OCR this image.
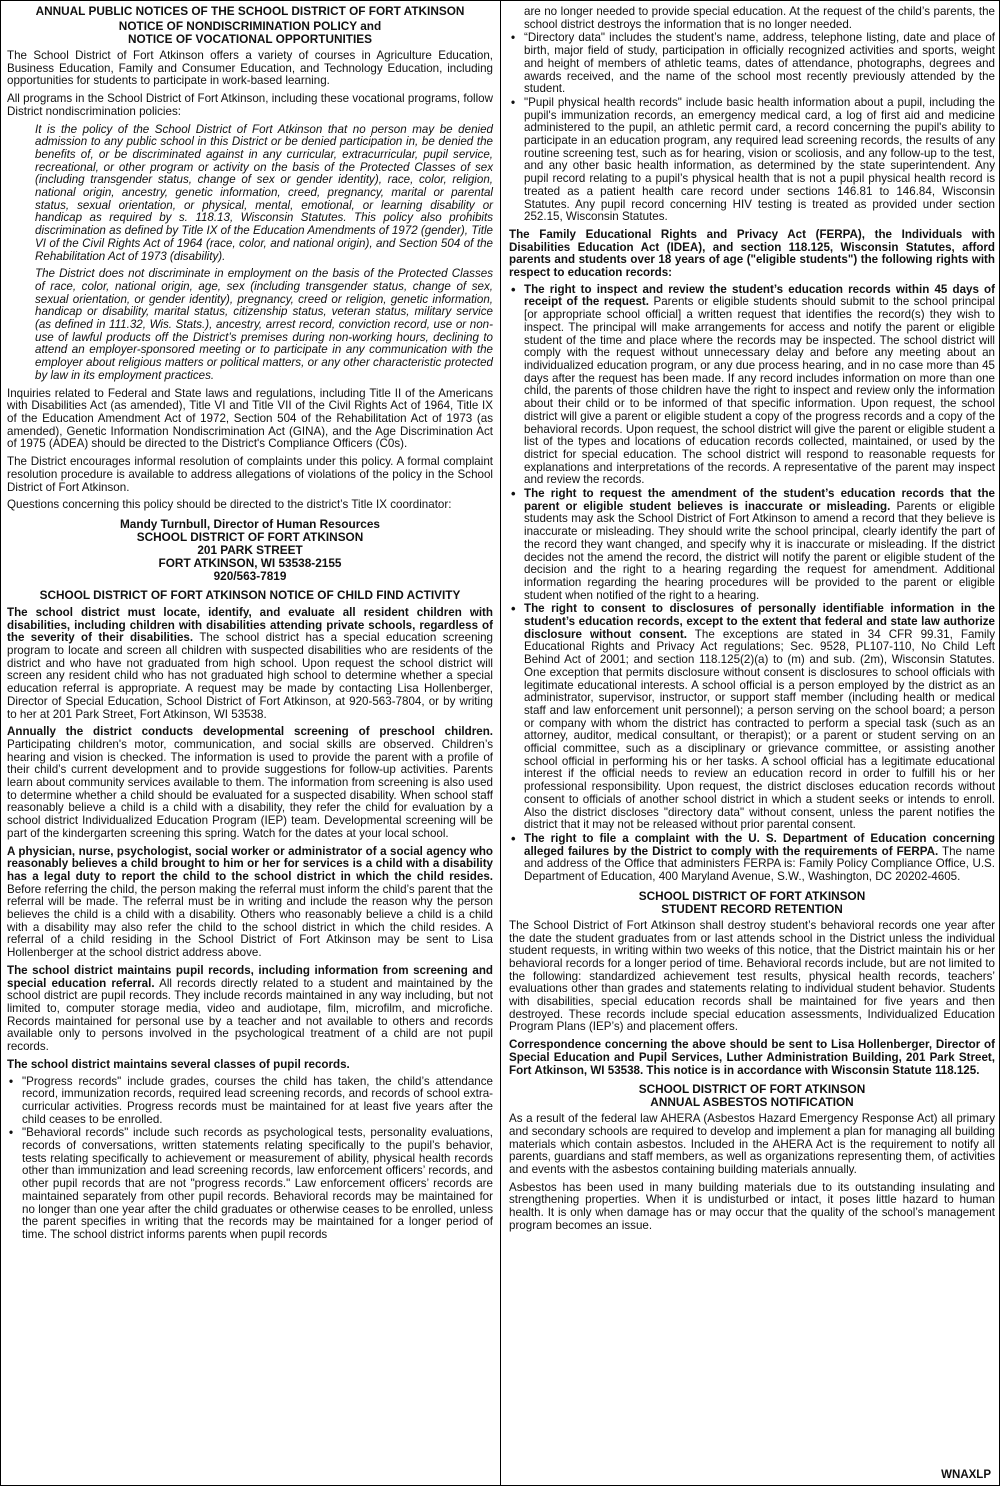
ANNUAL PUBLIC NOTICES OF THE SCHOOL DISTRICT OF FORT ATKINSON
NOTICE OF NONDISCRIMINATION POLICY and
NOTICE OF VOCATIONAL OPPORTUNITIES

The School District of Fort Atkinson offers a variety of courses in Agriculture Education, Business Education, Family and Consumer Education, and Technology Education, including opportunities for students to participate in work-based learning.

All programs in the School District of Fort Atkinson, including these vocational programs, follow District nondiscrimination policies:

It is the policy of the School District of Fort Atkinson that no person may be denied admission to any public school in this District or be denied participation in, be denied the benefits of, or be discriminated against in any curricular, extracurricular, pupil service, recreational, or other program or activity on the basis of the Protected Classes of sex (including transgender status, change of sex or gender identity), race, color, religion, national origin, ancestry, genetic information, creed, pregnancy, marital or parental status, sexual orientation, or physical, mental, emotional, or learning disability or handicap as required by s. 118.13, Wisconsin Statutes. This policy also prohibits discrimination as defined by Title IX of the Education Amendments of 1972 (gender), Title VI of the Civil Rights Act of 1964 (race, color, and national origin), and Section 504 of the Rehabilitation Act of 1973 (disability).

The District does not discriminate in employment on the basis of the Protected Classes of race, color, national origin, age, sex (including transgender status, change of sex, sexual orientation, or gender identity), pregnancy, creed or religion, genetic information, handicap or disability, marital status, citizenship status, veteran status, military service (as defined in 111.32, Wis. Stats.), ancestry, arrest record, conviction record, use or non-use of lawful products off the District’s premises during non-working hours, declining to attend an employer-sponsored meeting or to participate in any communication with the employer about religious matters or political matters, or any other characteristic protected by law in its employment practices.

Inquiries related to Federal and State laws and regulations, including Title II of the Americans with Disabilities Act (as amended), Title VI and Title VII of the Civil Rights Act of 1964, Title IX of the Education Amendment Act of 1972, Section 504 of the Rehabilitation Act of 1973 (as amended), Genetic Information Nondiscrimination Act (GINA), and the Age Discrimination Act of 1975 (ADEA) should be directed to the District's Compliance Officers (C0s).

The District encourages informal resolution of complaints under this policy. A formal complaint resolution procedure is available to address allegations of violations of the policy in the School District of Fort Atkinson.

Questions concerning this policy should be directed to the district’s Title IX coordinator:

Mandy Turnbull, Director of Human Resources
SCHOOL DISTRICT OF FORT ATKINSON
201 PARK STREET
FORT ATKINSON, WI 53538-2155
920/563-7819
SCHOOL DISTRICT OF FORT ATKINSON NOTICE OF CHILD FIND ACTIVITY

The school district must locate, identify, and evaluate all resident children with disabilities, including children with disabilities attending private schools, regardless of the severity of their disabilities. The school district has a special education screening program to locate and screen all children with suspected disabilities who are residents of the district and who have not graduated from high school. Upon request the school district will screen any resident child who has not graduated high school to determine whether a special education referral is appropriate. A request may be made by contacting Lisa Hollenberger, Director of Special Education, School District of Fort Atkinson, at 920-563-7804, or by writing to her at 201 Park Street, Fort Atkinson, WI 53538.

Annually the district conducts developmental screening of preschool children. Participating children's motor, communication, and social skills are observed. Children’s hearing and vision is checked. The information is used to provide the parent with a profile of their child’s current development and to provide suggestions for follow-up activities. Parents learn about community services available to them. The information from screening is also used to determine whether a child should be evaluated for a suspected disability. When school staff reasonably believe a child is a child with a disability, they refer the child for evaluation by a school district Individualized Education Program (IEP) team. Developmental screening will be part of the kindergarten screening this spring. Watch for the dates at your local school.

A physician, nurse, psychologist, social worker or administrator of a social agency who reasonably believes a child brought to him or her for services is a child with a disability has a legal duty to report the child to the school district in which the child resides. Before referring the child, the person making the referral must inform the child’s parent that the referral will be made. The referral must be in writing and include the reason why the person believes the child is a child with a disability. Others who reasonably believe a child is a child with a disability may also refer the child to the school district in which the child resides. A referral of a child residing in the School District of Fort Atkinson may be sent to Lisa Hollenberger at the school district address above.

The school district maintains pupil records, including information from screening and special education referral. All records directly related to a student and maintained by the school district are pupil records. They include records maintained in any way including, but not limited to, computer storage media, video and audiotape, film, microfilm, and microfiche. Records maintained for personal use by a teacher and not available to others and records available only to persons involved in the psychological treatment of a child are not pupil records.

The school district maintains several classes of pupil records.

• "Progress records" include grades, courses the child has taken, the child’s attendance record, immunization records, required lead screening records, and records of school extra-curricular activities. Progress records must be maintained for at least five years after the child ceases to be enrolled.
• "Behavioral records" include such records as psychological tests, personality evaluations, records of conversations, written statements relating specifically to the pupil’s behavior, tests relating specifically to achievement or measurement of ability, physical health records other than immunization and lead screening records, law enforcement officers’ records, and other pupil records that are not "progress records." Law enforcement officers’ records are maintained separately from other pupil records. Behavioral records may be maintained for no longer than one year after the child graduates or otherwise ceases to be enrolled, unless the parent specifies in writing that the records may be maintained for a longer period of time. The school district informs parents when pupil records
are no longer needed to provide special education. At the request of the child’s parents, the school district destroys the information that is no longer needed.
• “Directory data" includes the student’s name, address, telephone listing, date and place of birth, major field of study, participation in officially recognized activities and sports, weight and height of members of athletic teams, dates of attendance, photographs, degrees and awards received, and the name of the school most recently previously attended by the student.
• "Pupil physical health records" include basic health information about a pupil, including the pupil's immunization records, an emergency medical card, a log of first aid and medicine administered to the pupil, an athletic permit card, a record concerning the pupil's ability to participate in an education program, any required lead screening records, the results of any routine screening test, such as for hearing, vision or scoliosis, and any follow-up to the test, and any other basic health information, as determined by the state superintendent. Any pupil record relating to a pupil’s physical health that is not a pupil physical health record is treated as a patient health care record under sections 146.81 to 146.84, Wisconsin Statutes. Any pupil record concerning HIV testing is treated as provided under section 252.15, Wisconsin Statutes.

The Family Educational Rights and Privacy Act (FERPA), the Individuals with Disabilities Education Act (IDEA), and section 118.125, Wisconsin Statutes, afford parents and students over 18 years of age ("eligible students") the following rights with respect to education records:

• The right to inspect and review the student’s education records within 45 days of receipt of the request. Parents or eligible students should submit to the school principal [or appropriate school official] a written request that identifies the record(s) they wish to inspect. The principal will make arrangements for access and notify the parent or eligible student of the time and place where the records may be inspected. The school district will comply with the request without unnecessary delay and before any meeting about an individualized education program, or any due process hearing, and in no case more than 45 days after the request has been made. If any record includes information on more than one child, the parents of those children have the right to inspect and review only the information about their child or to be informed of that specific information. Upon request, the school district will give a parent or eligible student a copy of the progress records and a copy of the behavioral records. Upon request, the school district will give the parent or eligible student a list of the types and locations of education records collected, maintained, or used by the district for special education. The school district will respond to reasonable requests for explanations and interpretations of the records. A representative of the parent may inspect and review the records.
• The right to request the amendment of the student’s education records that the parent or eligible student believes is inaccurate or misleading. Parents or eligible students may ask the School District of Fort Atkinson to amend a record that they believe is inaccurate or misleading. They should write the school principal, clearly identify the part of the record they want changed, and specify why it is inaccurate or misleading. If the district decides not the amend the record, the district will notify the parent or eligible student of the decision and the right to a hearing regarding the request for amendment. Additional information regarding the hearing procedures will be provided to the parent or eligible student when notified of the right to a hearing.
• The right to consent to disclosures of personally identifiable information in the student’s education records, except to the extent that federal and state law authorize disclosure without consent. The exceptions are stated in 34 CFR 99.31, Family Educational Rights and Privacy Act regulations; Sec. 9528, PL107-110, No Child Left Behind Act of 2001; and section 118.125(2)(a) to (m) and sub. (2m), Wisconsin Statutes. One exception that permits disclosure without consent is disclosures to school officials with legitimate educational interests. A school official is a person employed by the district as an administrator, supervisor, instructor, or support staff member (including health or medical staff and law enforcement unit personnel); a person serving on the school board; a person or company with whom the district has contracted to perform a special task (such as an attorney, auditor, medical consultant, or therapist); or a parent or student serving on an official committee, such as a disciplinary or grievance committee, or assisting another school official in performing his or her tasks. A school official has a legitimate educational interest if the official needs to review an education record in order to fulfill his or her professional responsibility. Upon request, the district discloses education records without consent to officials of another school district in which a student seeks or intends to enroll. Also the district discloses "directory data" without consent, unless the parent notifies the district that it may not be released without prior parental consent.
• The right to file a complaint with the U. S. Department of Education concerning alleged failures by the District to comply with the requirements of FERPA. The name and address of the Office that administers FERPA is: Family Policy Compliance Office, U.S. Department of Education, 400 Maryland Avenue, S.W., Washington, DC 20202-4605.
SCHOOL DISTRICT OF FORT ATKINSON
STUDENT RECORD RETENTION

The School District of Fort Atkinson shall destroy student’s behavioral records one year after the date the student graduates from or last attends school in the District unless the individual student requests, in writing within two weeks of this notice, that the District maintain his or her behavioral records for a longer period of time. Behavioral records include, but are not limited to the following: standardized achievement test results, physical health records, teachers’ evaluations other than grades and statements relating to individual student behavior. Students with disabilities, special education records shall be maintained for five years and then destroyed. These records include special education assessments, Individualized Education Program Plans (IEP’s) and placement offers.

Correspondence concerning the above should be sent to Lisa Hollenberger, Director of Special Education and Pupil Services, Luther Administration Building, 201 Park Street, Fort Atkinson, WI 53538. This notice is in accordance with Wisconsin Statute 118.125.

SCHOOL DISTRICT OF FORT ATKINSON
ANNUAL ASBESTOS NOTIFICATION

As a result of the federal law AHERA (Asbestos Hazard Emergency Response Act) all primary and secondary schools are required to develop and implement a plan for managing all building materials which contain asbestos. Included in the AHERA Act is the requirement to notify all parents, guardians and staff members, as well as organizations representing them, of activities and events with the asbestos containing building materials annually.

Asbestos has been used in many building materials due to its outstanding insulating and strengthening properties. When it is undisturbed or intact, it poses little hazard to human health. It is only when damage has or may occur that the quality of the school’s management program becomes an issue.

WNAXLP
